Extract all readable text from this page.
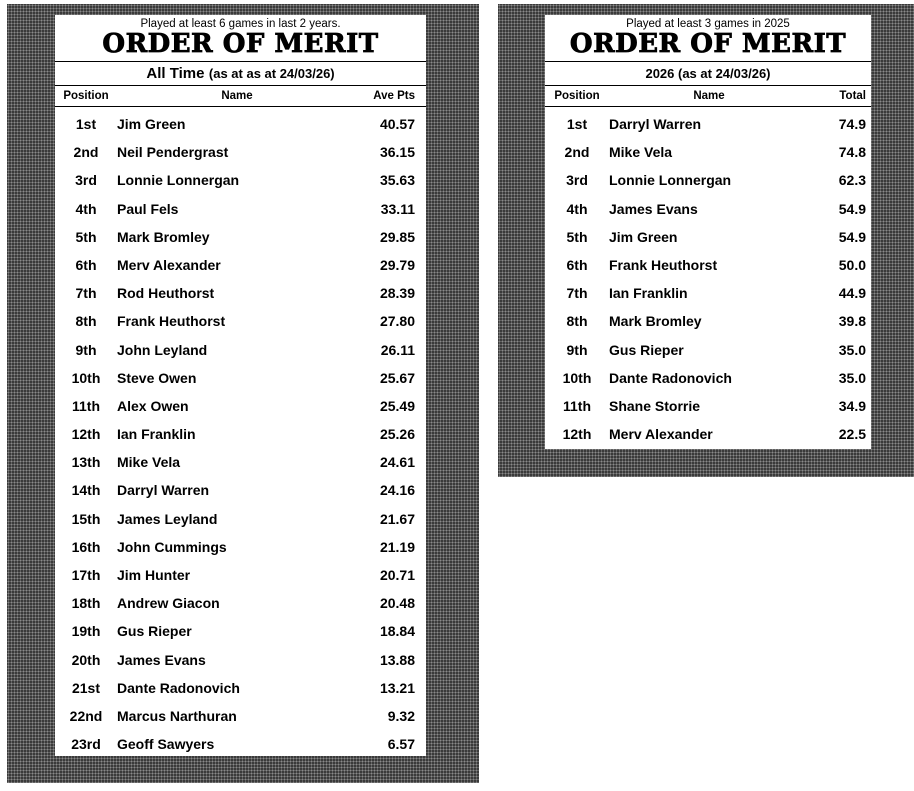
Played at least 6 games in last 2 years.
ORDER OF MERIT
All Time (as at as at 24/03/26)
Position	Name	Ave Pts
1st	Jim Green	40.57
2nd	Neil Pendergrast	36.15
3rd	Lonnie Lonnergan	35.63
4th	Paul Fels	33.11
5th	Mark Bromley	29.85
6th	Merv Alexander	29.79
7th	Rod Heuthorst	28.39
8th	Frank Heuthorst	27.80
9th	John Leyland	26.11
10th	Steve Owen	25.67
11th	Alex Owen	25.49
12th	Ian Franklin	25.26
13th	Mike Vela	24.61
14th	Darryl Warren	24.16
15th	James Leyland	21.67
16th	John Cummings	21.19
17th	Jim Hunter	20.71
18th	Andrew Giacon	20.48
19th	Gus Rieper	18.84
20th	James Evans	13.88
21st	Dante Radonovich	13.21
22nd	Marcus Narthuran	9.32
23rd	Geoff Sawyers	6.57
Played at least 3 games in 2025
ORDER OF MERIT
2026 (as at 24/03/26)
Position	Name	Total
1st	Darryl Warren	74.9
2nd	Mike Vela	74.8
3rd	Lonnie Lonnergan	62.3
4th	James Evans	54.9
5th	Jim Green	54.9
6th	Frank Heuthorst	50.0
7th	Ian Franklin	44.9
8th	Mark Bromley	39.8
9th	Gus Rieper	35.0
10th	Dante Radonovich	35.0
11th	Shane Storrie	34.9
12th	Merv Alexander	22.5
